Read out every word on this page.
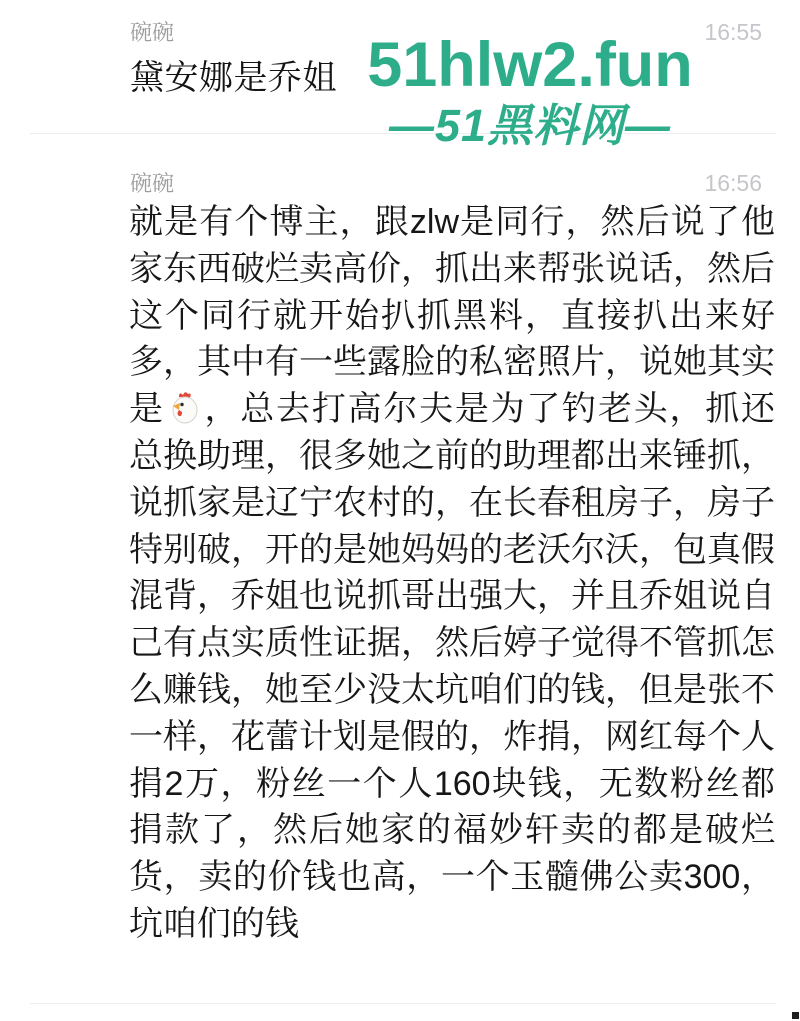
碗碗	16:55
黛安娜是乔姐 51hlw2.fun
—51黑料网—
碗碗	16:56
就是有个博主，跟zlw是同行，然后说了他家东西破烂卖高价，抓出来帮张说话，然后这个同行就开始扒抓黑料，直接扒出来好多，其中有一些露脸的私密照片，说她其实是 ，总去打高尔夫是为了钓老头，抓还总换助理，很多她之前的助理都出来锤抓，说抓家是辽宁农村的，在长春租房子，房子特别破，开的是她妈妈的老沃尔沃，包真假混背，乔姐也说抓哥出强大，并且乔姐说自己有点实质性证据，然后婷子觉得不管抓怎么赚钱，她至少没太坑咱们的钱，但是张不一样，花蕾计划是假的，炸捐，网红每个人捐2万，粉丝一个人160块钱，无数粉丝都捐款了，然后她家的福妙轩卖的都是破烂货，卖的价钱也高，一个玉髓佛公卖300，坑咱们的钱
